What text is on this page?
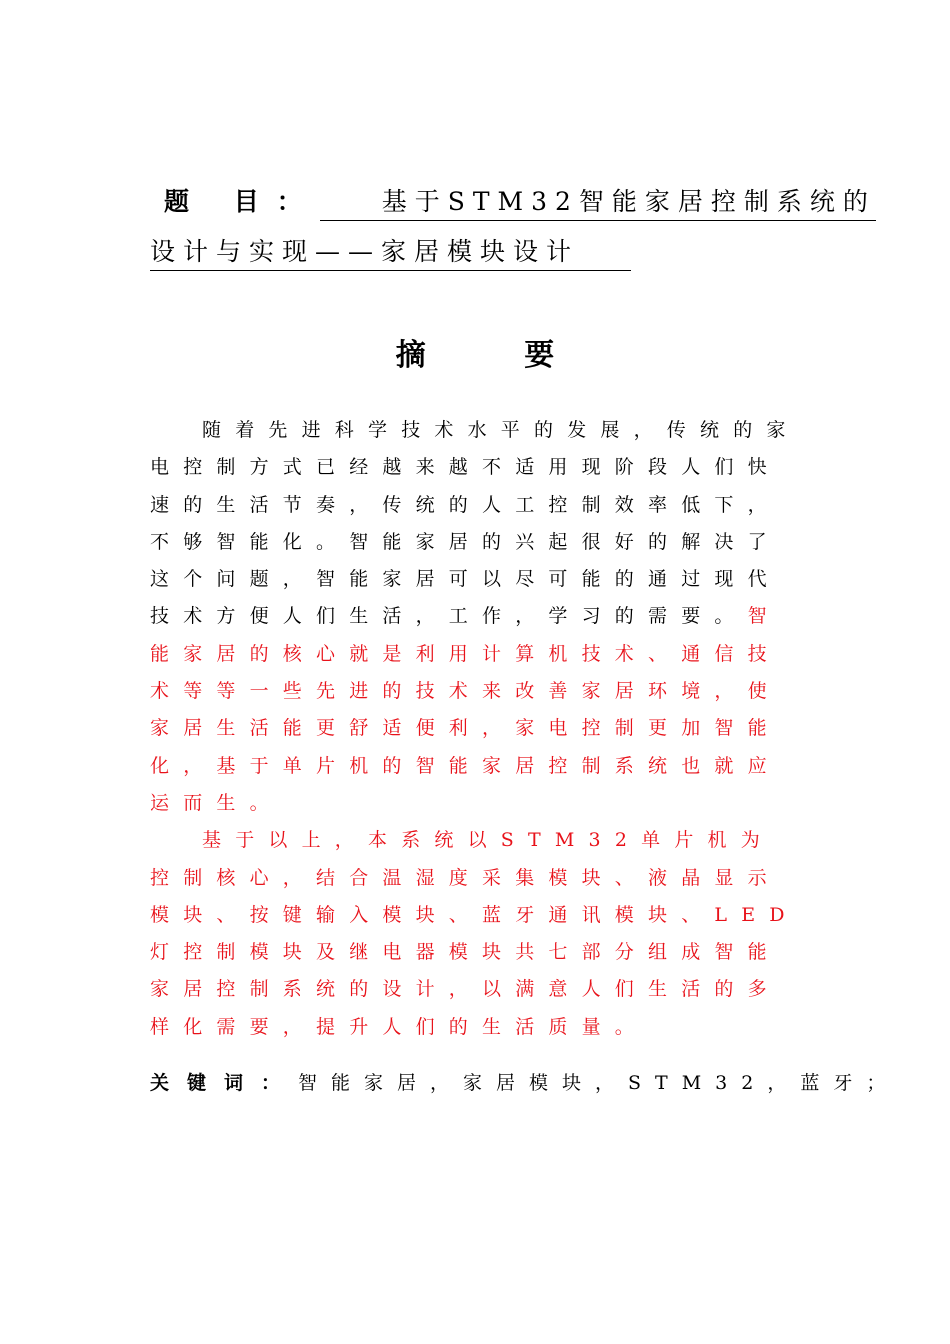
题 目： 基于STM32智能家居控制系统的
设计与实现——家居模块设计
摘 要

随着先进科学技术水平的发展，传统的家电控制方式已经越来越不适用现阶段人们快速的生活节奏，传统的人工控制效率低下，不够智能化。智能家居的兴起很好的解决了这个问题，智能家居可以尽可能的通过现代技术方便人们生活，工作，学习的需要。智能家居的核心就是利用计算机技术、通信技术等等一些先进的技术来改善家居环境，使家居生活能更舒适便利，家电控制更加智能化，基于单片机的智能家居控制系统也就应运而生。

基于以上，本系统以STM32单片机为控制核心，结合温湿度采集模块、液晶显示模块、按键输入模块、蓝牙通讯模块、LED灯控制模块及继电器模块共七部分组成智能家居控制系统的设计，以满意人们生活的多样化需要，提升人们的生活质量。

关键词：智能家居，家居模块，STM32，蓝牙；
